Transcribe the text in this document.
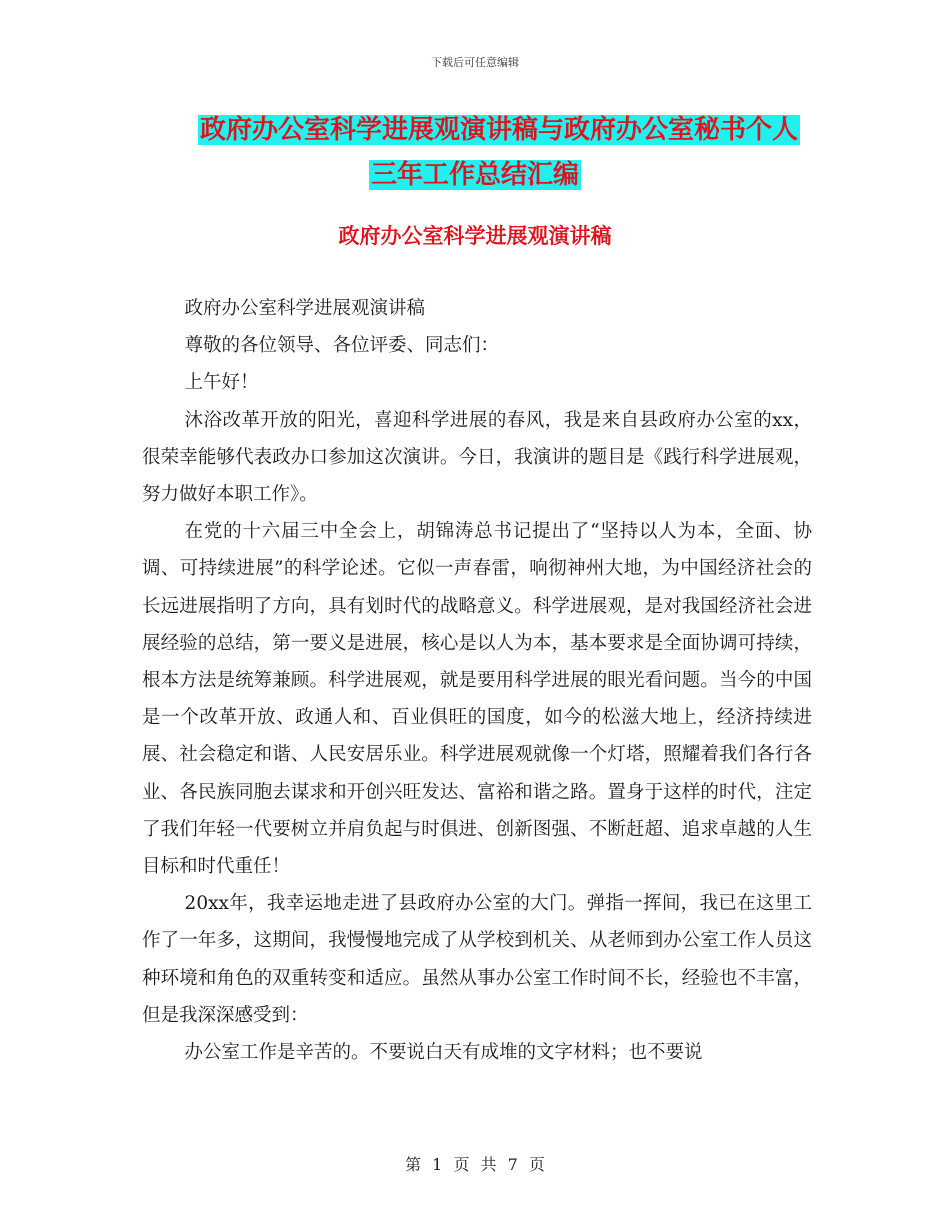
下载后可任意编辑
政府办公室科学进展观演讲稿与政府办公室秘书个人
三年工作总结汇编
政府办公室科学进展观演讲稿

政府办公室科学进展观演讲稿

尊敬的各位领导、各位评委、同志们：

上午好！

沐浴改革开放的阳光，喜迎科学进展的春风，我是来自县政府办公室的xx，很荣幸能够代表政办口参加这次演讲。今日，我演讲的题目是《践行科学进展观，努力做好本职工作》。

在党的十六届三中全会上，胡锦涛总书记提出了“坚持以人为本，全面、协调、可持续进展”的科学论述。它似一声春雷，响彻神州大地，为中国经济社会的长远进展指明了方向，具有划时代的战略意义。科学进展观，是对我国经济社会进展经验的总结，第一要义是进展，核心是以人为本，基本要求是全面协调可持续，根本方法是统筹兼顾。科学进展观，就是要用科学进展的眼光看问题。当今的中国是一个改革开放、政通人和、百业俱旺的国度，如今的松滋大地上，经济持续进展、社会稳定和谐、人民安居乐业。科学进展观就像一个灯塔，照耀着我们各行各业、各民族同胞去谋求和开创兴旺发达、富裕和谐之路。置身于这样的时代，注定了我们年轻一代要树立并肩负起与时俱进、创新图强、不断赶超、追求卓越的人生目标和时代重任！

20xx年，我幸运地走进了县政府办公室的大门。弹指一挥间，我已在这里工作了一年多，这期间，我慢慢地完成了从学校到机关、从老师到办公室工作人员这种环境和角色的双重转变和适应。虽然从事办公室工作时间不长，经验也不丰富，但是我深深感受到：

办公室工作是辛苦的。不要说白天有成堆的文字材料；也不要说

第 1 页 共 7 页
